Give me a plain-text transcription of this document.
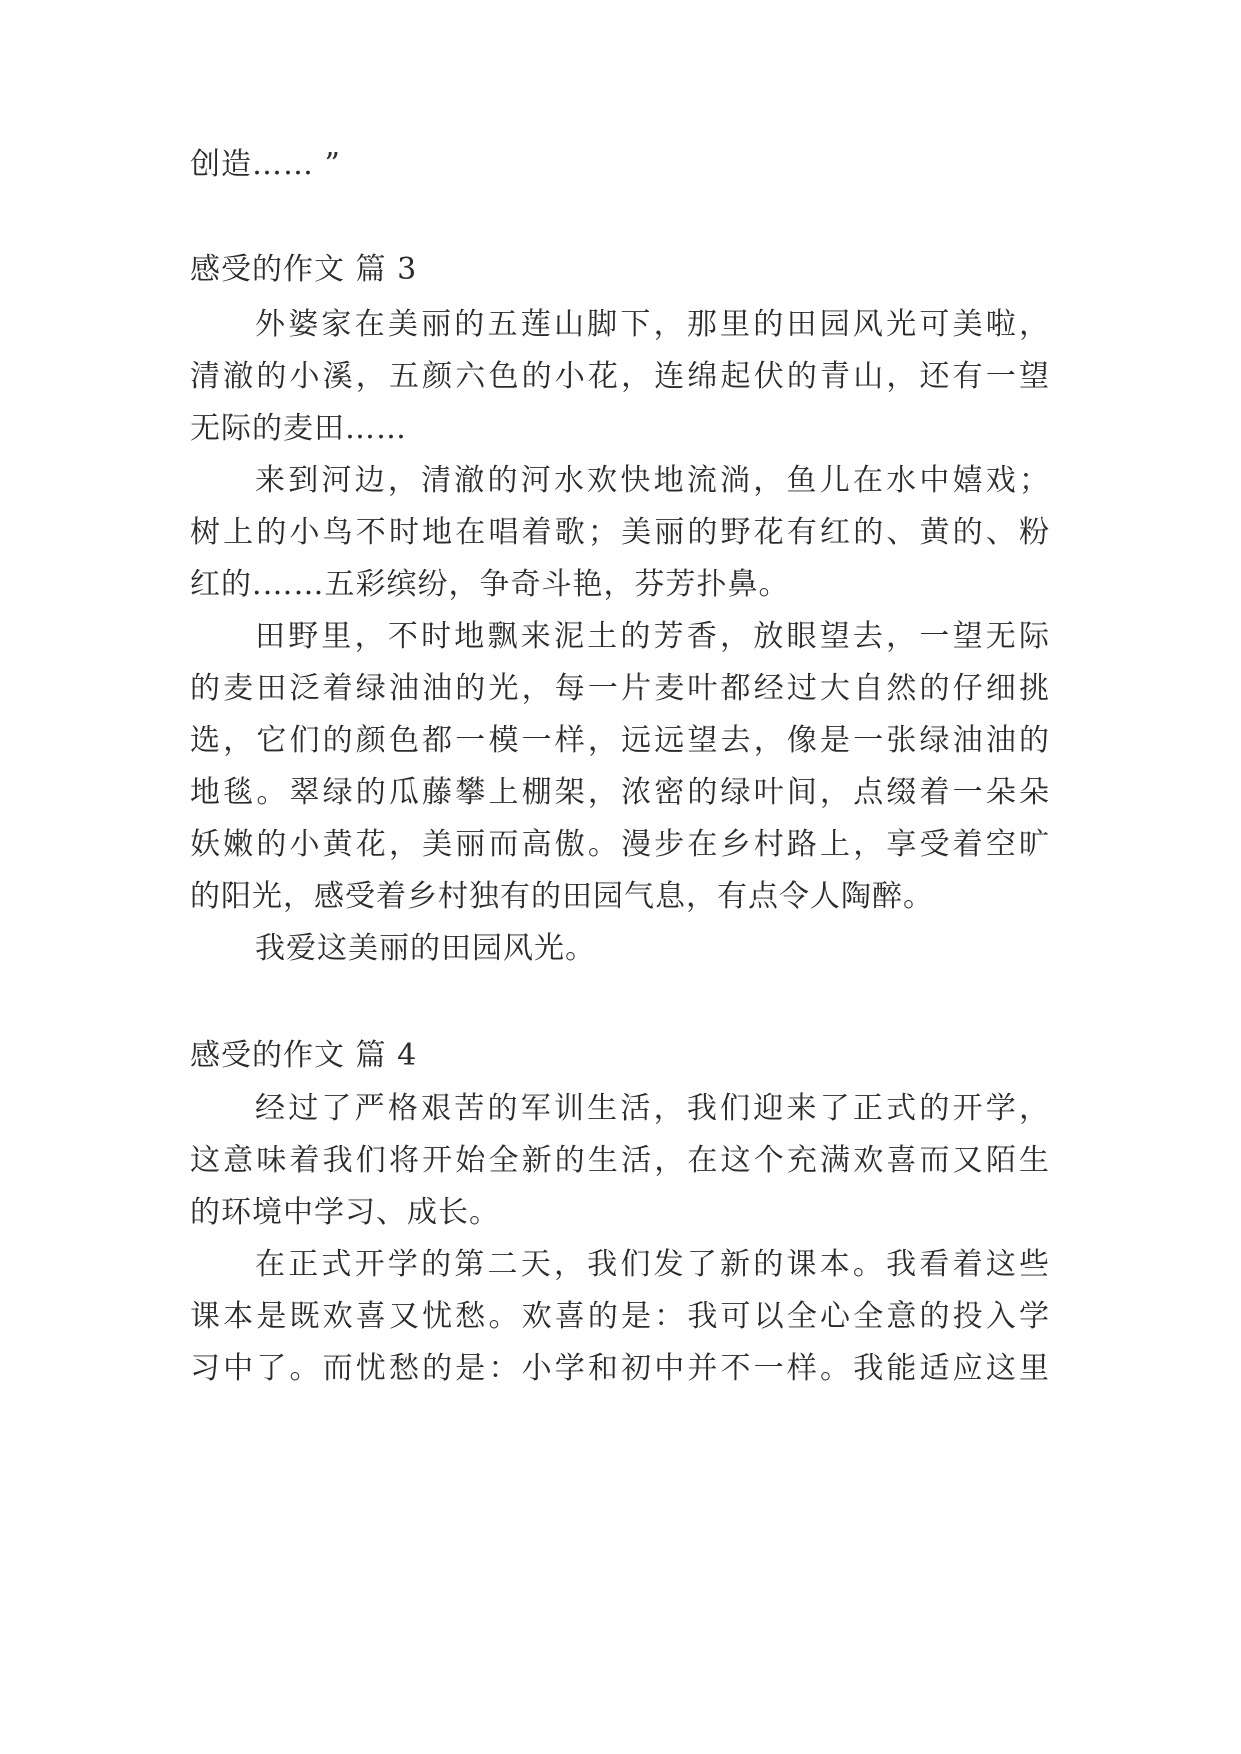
创造…… ”
感受的作文 篇 3
外婆家在美丽的五莲山脚下，那里的田园风光可美啦，
清澈的小溪，五颜六色的小花，连绵起伏的青山，还有一望
无际的麦田……
来到河边，清澈的河水欢快地流淌，鱼儿在水中嬉戏；
树上的小鸟不时地在唱着歌；美丽的野花有红的、黄的、粉
红的.……五彩缤纷，争奇斗艳，芬芳扑鼻。
田野里，不时地飘来泥土的芳香，放眼望去，一望无际
的麦田泛着绿油油的光，每一片麦叶都经过大自然的仔细挑
选，它们的颜色都一模一样，远远望去，像是一张绿油油的
地毯。翠绿的瓜藤攀上棚架，浓密的绿叶间，点缀着一朵朵
妖嫩的小黄花，美丽而高傲。漫步在乡村路上，享受着空旷
的阳光，感受着乡村独有的田园气息，有点令人陶醉。
我爱这美丽的田园风光。
感受的作文 篇 4
经过了严格艰苦的军训生活，我们迎来了正式的开学，
这意味着我们将开始全新的生活，在这个充满欢喜而又陌生
的环境中学习、成长。
在正式开学的第二天，我们发了新的课本。我看着这些
课本是既欢喜又忧愁。欢喜的是：我可以全心全意的投入学
习中了。而忧愁的是：小学和初中并不一样。我能适应这里
